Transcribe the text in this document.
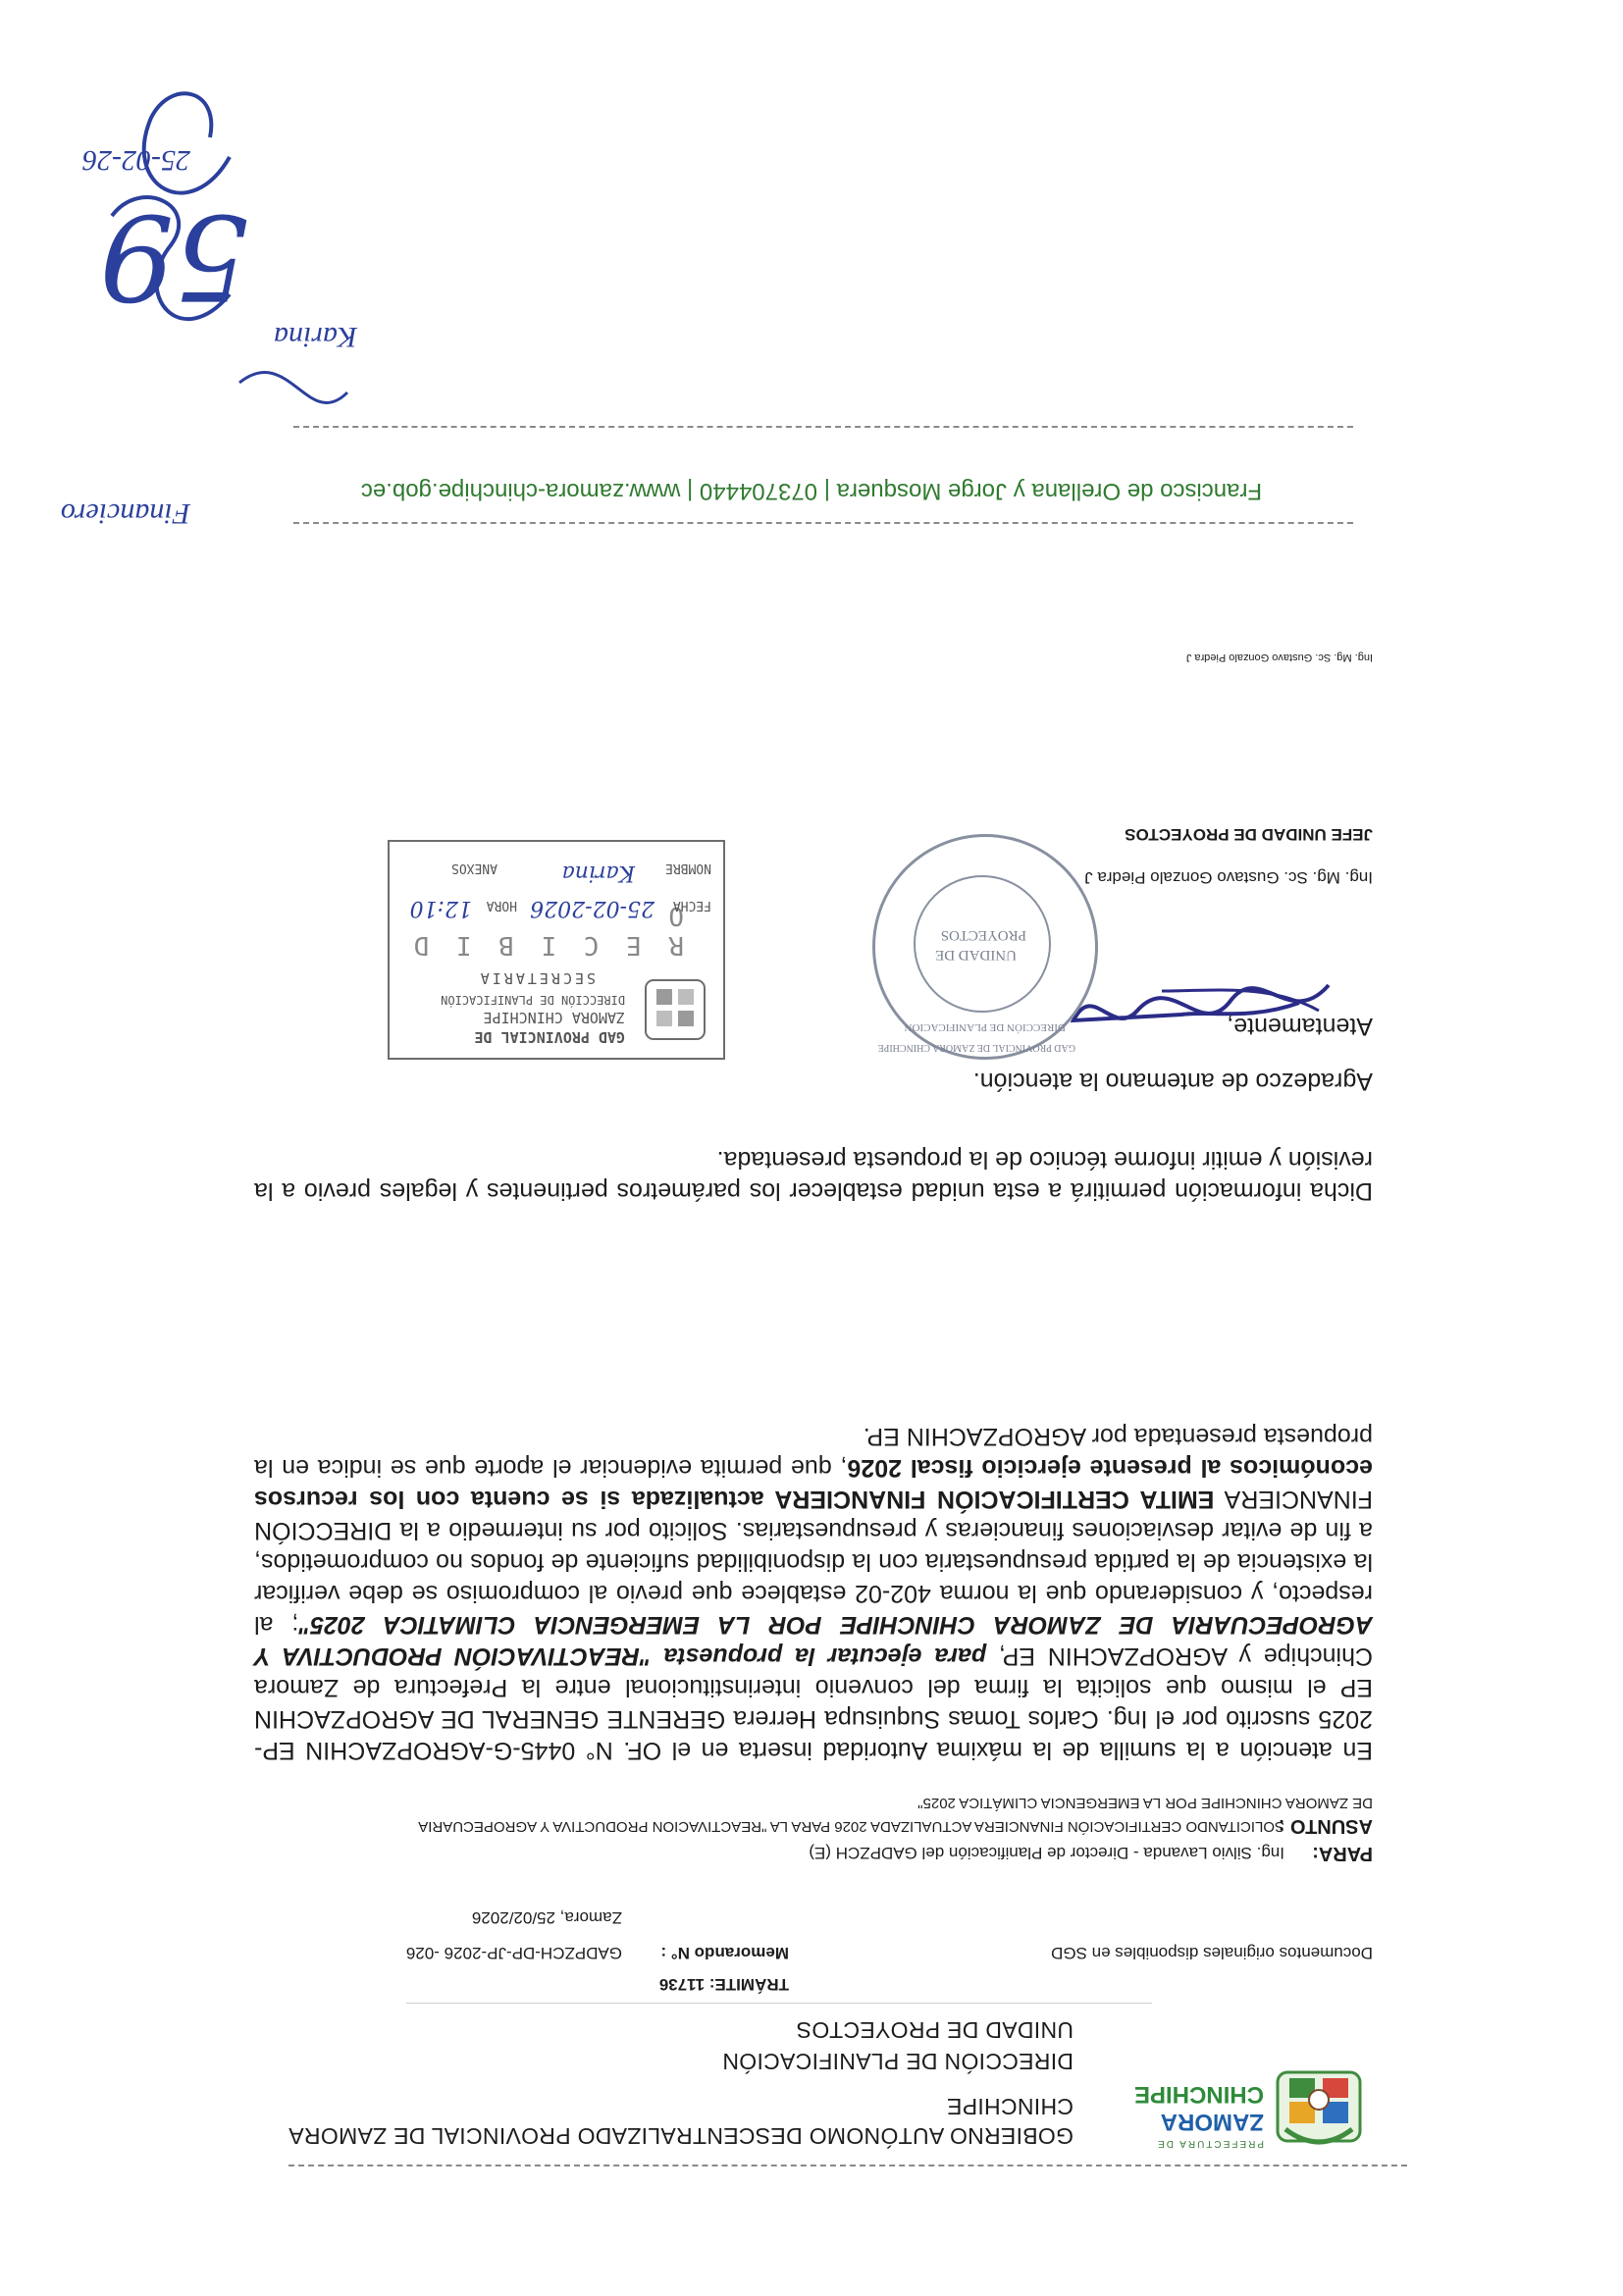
PREFECTURA DE
ZAMORA
CHINCHIPE
GOBIERNO AUTÓNOMO DESCENTRALIZADO PROVINCIAL DE ZAMORA
CHINCHIPE
DIRECCIÓN DE PLANIFICACIÓN
UNIDAD DE PROYECTOS
TRÁMITE: 11736
Documentos originales disponibles en SGD
Memorando N° :
GADPZCH-DP-JP-2026 -026
Zamora, 25/02/2026
PARA:
Ing. Silvio Lavanda - Director de Planificación del GADPZCH (E)
ASUNTO :
SOLICITANDO CERTIFICACIÓN FINANCIERA ACTUALIZADA 2026 PARA LA "REACTIVACION PRODUCTIVA Y AGROPECUARIA
DE ZAMORA CHINCHIPE POR LA EMERGENCIA CLIMÁTICA 2025"
En atención a la sumilla de la máxima Autoridad inserta en el OF. N° 0445-G-AGROPZACHIN EP-2025 suscrito por el Ing. Carlos Tomas Suquisupa Herrera GERENTE GENERAL DE AGROPZACHIN EP el mismo que solicita la firma del convenio interinstitucional entre la Prefectura de Zamora Chinchipe y AGROPZACHIN EP, para ejecutar la propuesta "REACTIVACIÓN PRODUCTIVA Y AGROPECUARIA DE ZAMORA CHINCHIPE POR LA EMERGENCIA CLIMATICA 2025"; al respecto, y considerando que la norma 402-02 establece que previo al compromiso se debe verificar la existencia de la partida presupuestaria con la disponibilidad suficiente de fondos no comprometidos, a fin de evitar desviaciones financieras y presupuestarias. Solicito por su intermedio a la DIRECCIÓN FINANCIERA EMITA CERTIFICACIÓN FINANCIERA actualizada si se cuenta con los recursos económicos al presente ejercicio fiscal 2026, que permita evidenciar el aporte que se indica en la propuesta presentada por AGROPZACHIN EP.
Dicha información permitirá a esta unidad establecer los parámetros pertinentes y legales previo a la revisión y emitir informe técnico de la propuesta presentada.
Agradezco de antemano la atención.
Atentamente,
Ing. Mg. Sc. Gustavo Gonzalo Piedra J
JEFE UNIDAD DE PROYECTOS
GAD PROVINCIAL DE ZAMORA CHINCHIPE
DIRECCIÓN DE PLANIFICACIÓN
UNIDAD DE
PROYECTOS
GAD PROVINCIAL DE
ZAMORA CHINCHIPE
DIRECCIÓN DE PLANIFICACIÓN
SECRETARIA
R E C I B I D O
FECHA
25-02-2026
HORA
12:10
NOMBRE
Karina
ANEXOS
Ing. Mg. Sc. Gustavo Gonzalo Piedra J
Francisco de Orellana y Jorge Mosquera | 073704440 | www.zamora-chinchipe.gob.ec
59
25-02-26
Financiero
Karina
